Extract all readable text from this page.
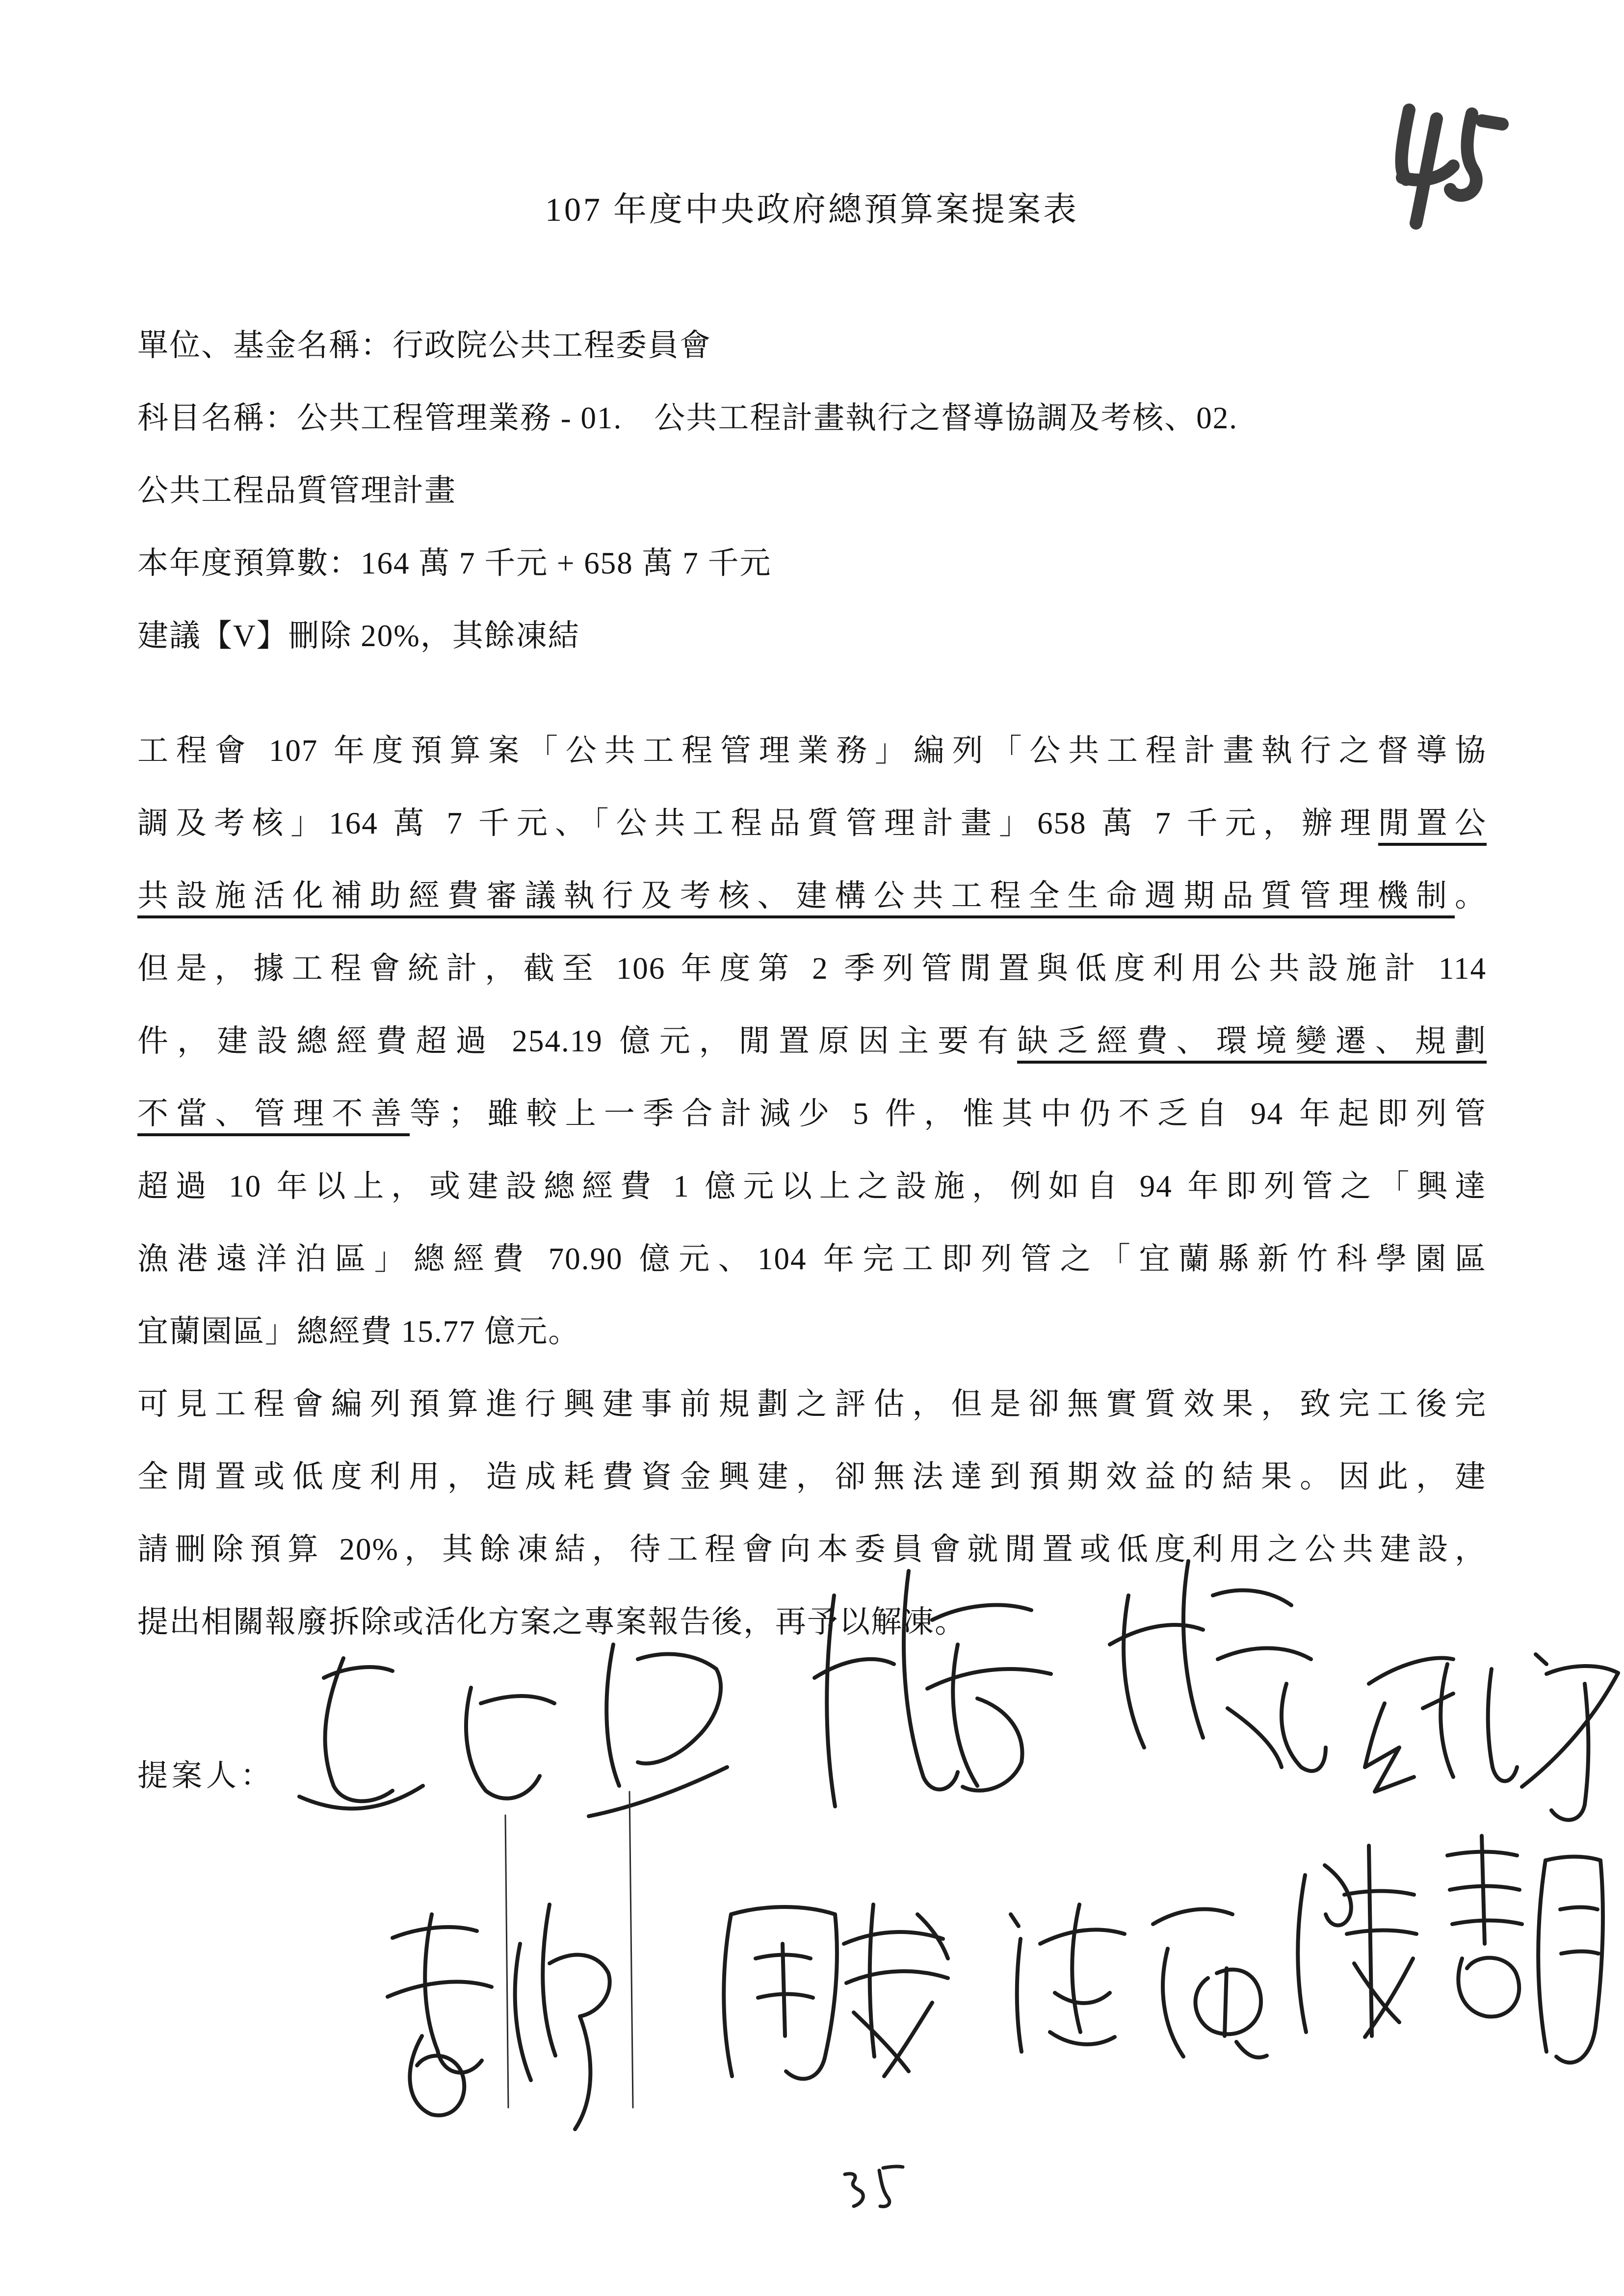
107 年度中央政府總預算案提案表
單位、基金名稱：行政院公共工程委員會
科目名稱：公共工程管理業務 - 01.　公共工程計畫執行之督導協調及考核、02.
公共工程品質管理計畫
本年度預算數：164 萬 7 千元 + 658 萬 7 千元
建議【V】刪除 20%，其餘凍結
工程會 107 年度預算案「公共工程管理業務」編列「公共工程計畫執行之督導協
調及考核」164 萬 7 千元、「公共工程品質管理計畫」658 萬 7 千元，辦理閒置公
共設施活化補助經費審議執行及考核、建構公共工程全生命週期品質管理機制。
但是，據工程會統計，截至 106 年度第 2 季列管閒置與低度利用公共設施計 114
件，建設總經費超過 254.19 億元，閒置原因主要有缺乏經費、環境變遷、規劃
不當、管理不善等；雖較上一季合計減少 5 件，惟其中仍不乏自 94 年起即列管
超過 10 年以上，或建設總經費 1 億元以上之設施，例如自 94 年即列管之「興達
漁港遠洋泊區」總經費 70.90 億元、104 年完工即列管之「宜蘭縣新竹科學園區
宜蘭園區」總經費 15.77 億元。
可見工程會編列預算進行興建事前規劃之評估，但是卻無實質效果，致完工後完
全閒置或低度利用，造成耗費資金興建，卻無法達到預期效益的結果。因此，建
請刪除預算 20%，其餘凍結，待工程會向本委員會就閒置或低度利用之公共建設，
提出相關報廢拆除或活化方案之專案報告後，再予以解凍。
提案人：
